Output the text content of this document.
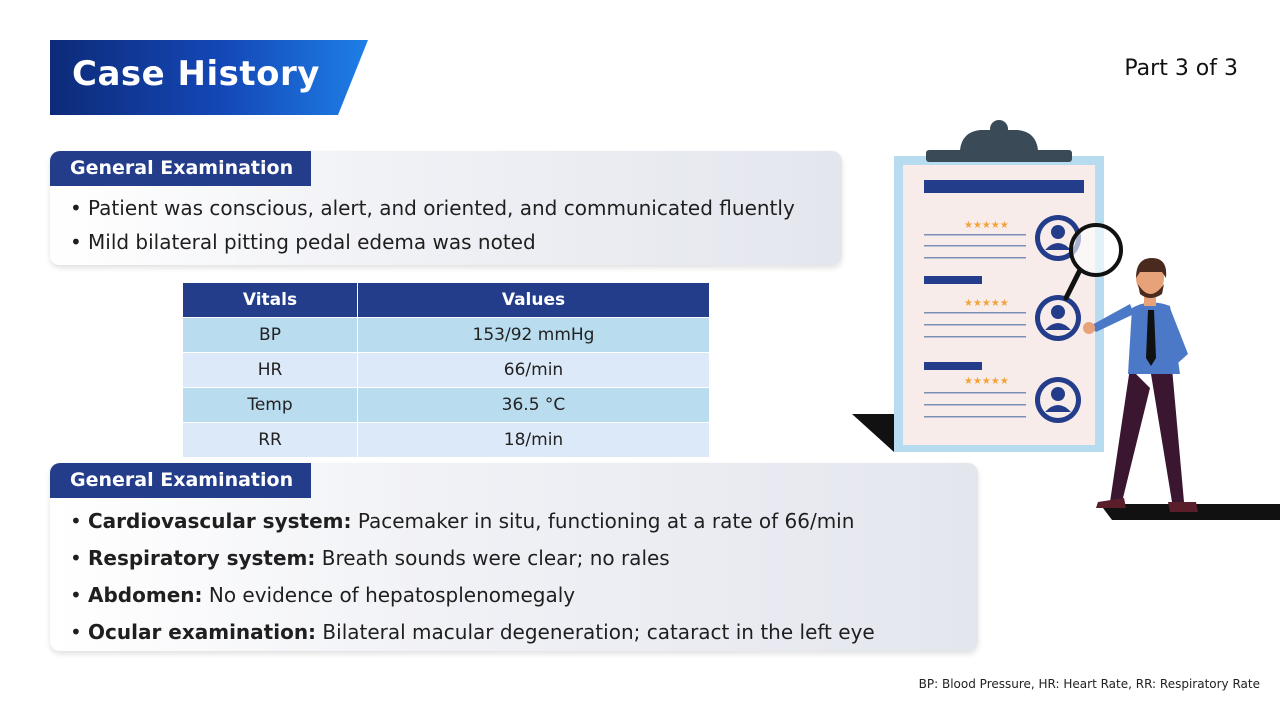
Case History	Part 3 of 3
General Examination
• Patient was conscious, alert, and oriented, and communicated fluently
• Mild bilateral pitting pedal edema was noted
Vitals	Values
BP	153/92 mmHg
HR	66/min
Temp	36.5 °C
RR	18/min
General Examination
• Cardiovascular system: Pacemaker in situ, functioning at a rate of 66/min
• Respiratory system: Breath sounds were clear; no rales
• Abdomen: No evidence of hepatosplenomegaly
• Ocular examination: Bilateral macular degeneration; cataract in the left eye
★★★★★
★★★★★
★★★★★
BP: Blood Pressure, HR: Heart Rate, RR: Respiratory Rate
